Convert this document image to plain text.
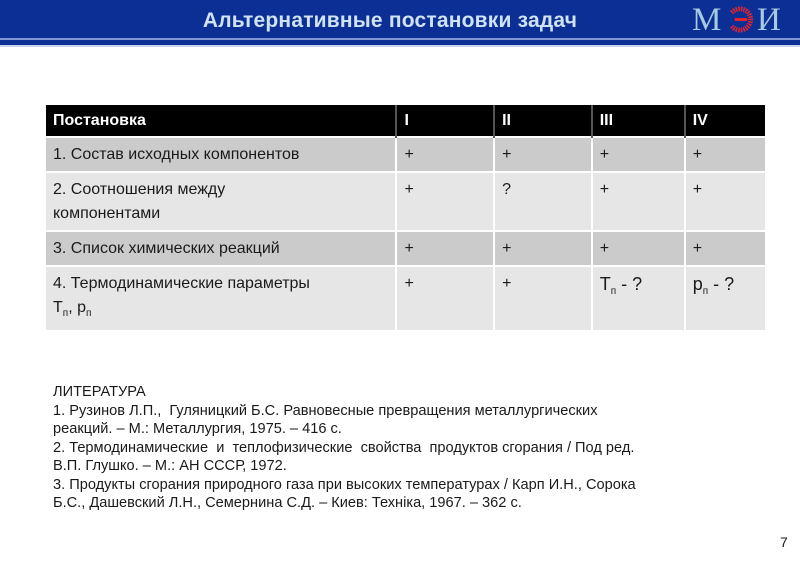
Альтернативные постановки задач	М И
Постановка	I	II	III	IV
1. Состав исходных компонентов	+	+	+	+

2. Соотношения между
компонентами	+	?	+	+
3. Список химических реакций	+	+	+	+

4. Термодинамические параметры
$T_п$, $p_п$	+	+	$T_п$ - ?	$p_п$ - ?
ЛИТЕРАТУРА
1. Рузинов Л.П.,  Гуляницкий Б.С. Равновесные превращения металлургических
реакций. – М.: Металлургия, 1975. – 416 с.
2. Термодинамические  и  теплофизические  свойства  продуктов сгорания / Под ред.
В.П. Глушко. – М.: АН СССР, 1972.
3. Продукты сгорания природного газа при высоких температурах / Карп И.Н., Сорока
Б.С., Дашевский Л.Н., Семернина С.Д. – Киев: Техніка, 1967. – 362 с.
7
